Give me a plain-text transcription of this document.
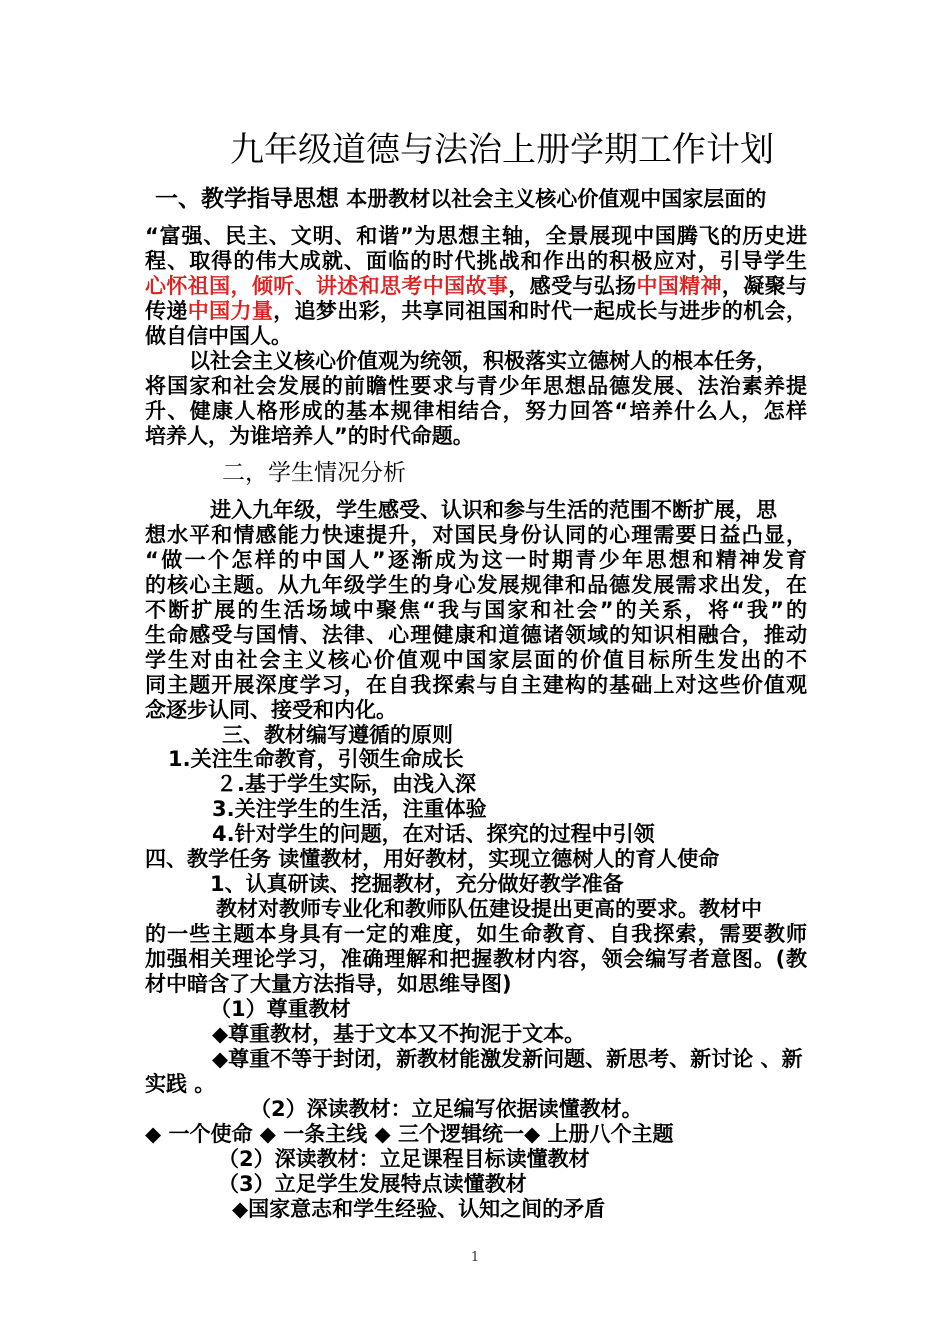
九年级道德与法治上册学期工作计划
一、教学指导思想 本册教材以社会主义核心价值观中国家层面的
“富强、民主、文明、和谐”为思想主轴，全景展现中国腾飞的历史进
程、取得的伟大成就、面临的时代挑战和作出的积极应对，引导学生
心怀祖国，倾听、讲述和思考中国故事，感受与弘扬中国精神，凝聚与
传递中国力量，追梦出彩，共享同祖国和时代一起成长与进步的机会，
做自信中国人。
以社会主义核心价值观为统领，积极落实立德树人的根本任务，
将国家和社会发展的前瞻性要求与青少年思想品德发展、法治素养提
升、健康人格形成的基本规律相结合，努力回答“培养什么人，怎样
培养人，为谁培养人”的时代命题。
二，学生情况分析
进入九年级，学生感受、认识和参与生活的范围不断扩展，思
想水平和情感能力快速提升，对国民身份认同的心理需要日益凸显，
“做一个怎样的中国人”逐渐成为这一时期青少年思想和精神发育
的核心主题。从九年级学生的身心发展规律和品德发展需求出发，在
不断扩展的生活场域中聚焦“我与国家和社会”的关系，将“我”的
生命感受与国情、法律、心理健康和道德诸领域的知识相融合，推动
学生对由社会主义核心价值观中国家层面的价值目标所生发出的不
同主题开展深度学习，在自我探索与自主建构的基础上对这些价值观
念逐步认同、接受和内化。
三、教材编写遵循的原则
1.关注生命教育，引领生命成长
２.基于学生实际，由浅入深
3.关注学生的生活，注重体验
4.针对学生的问题，在对话、探究的过程中引领
四、教学任务 读懂教材，用好教材，实现立德树人的育人使命
1、认真研读、挖掘教材，充分做好教学准备
教材对教师专业化和教师队伍建设提出更高的要求。教材中
的一些主题本身具有一定的难度，如生命教育、自我探索，需要教师
加强相关理论学习，准确理解和把握教材内容，领会编写者意图。(教
材中暗含了大量方法指导，如思维导图)
（1）尊重教材
◆尊重教材，基于文本又不拘泥于文本。
◆尊重不等于封闭，新教材能激发新问题、新思考、新讨论 、新
实践 。
（2）深读教材：立足编写依据读懂教材。
◆ 一个使命 ◆ 一条主线 ◆ 三个逻辑统一◆ 上册八个主题
（2）深读教材：立足课程目标读懂教材
（3）立足学生发展特点读懂教材
◆国家意志和学生经验、认知之间的矛盾
1
